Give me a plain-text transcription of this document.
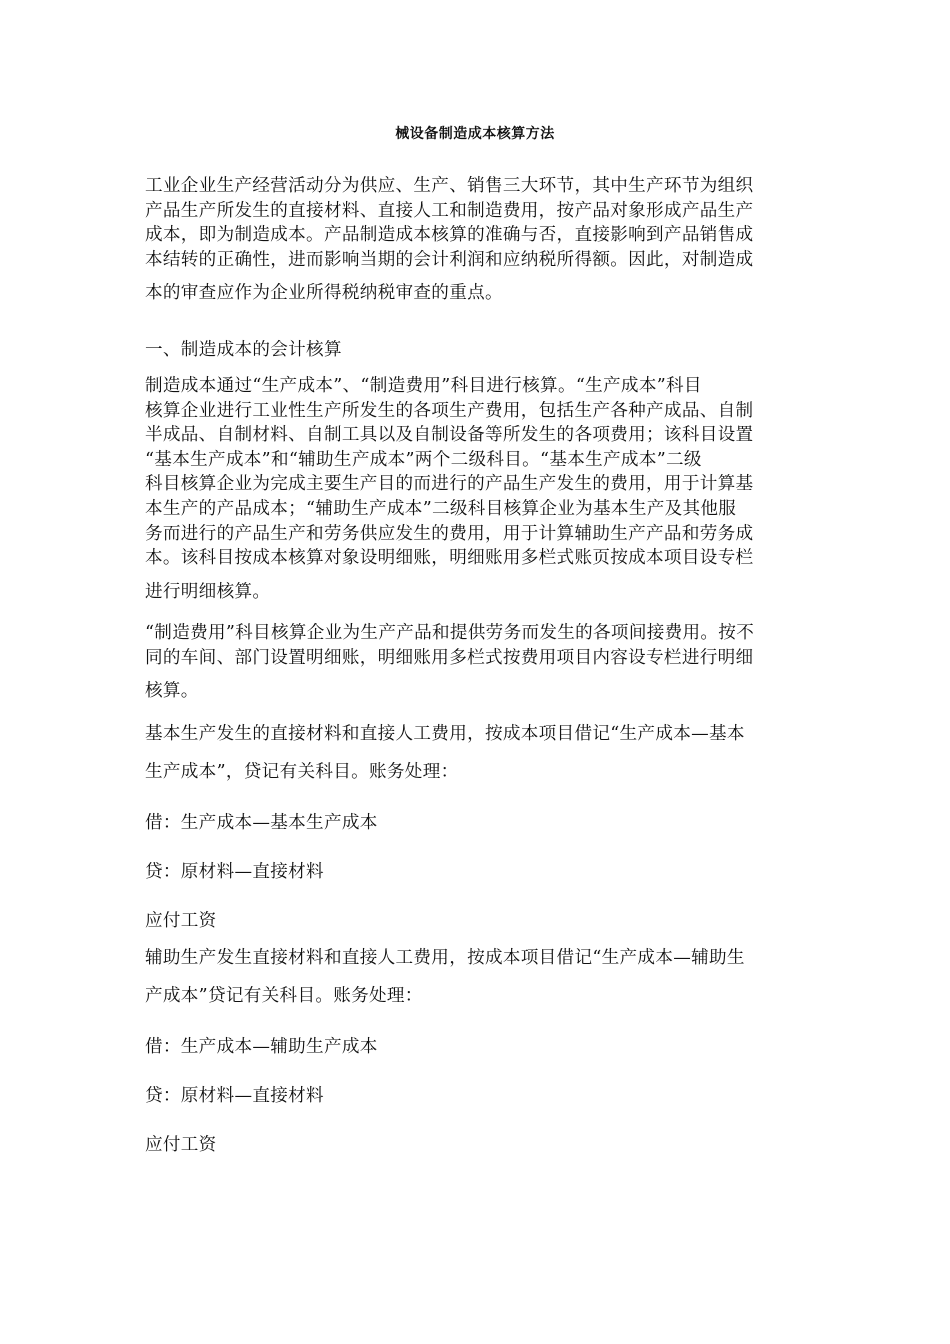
械设备制造成本核算方法
工业企业生产经营活动分为供应、生产、销售三大环节，其中生产环节为组织
产品生产所发生的直接材料、直接人工和制造费用，按产品对象形成产品生产
成本，即为制造成本。产品制造成本核算的准确与否，直接影响到产品销售成
本结转的正确性，进而影响当期的会计利润和应纳税所得额。因此，对制造成
本的审查应作为企业所得税纳税审查的重点。
一、制造成本的会计核算
制造成本通过“生产成本”、“制造费用”科目进行核算。“生产成本”科目
核算企业进行工业性生产所发生的各项生产费用，包括生产各种产成品、自制
半成品、自制材料、自制工具以及自制设备等所发生的各项费用；该科目设置
“基本生产成本”和“辅助生产成本”两个二级科目。“基本生产成本”二级
科目核算企业为完成主要生产目的而进行的产品生产发生的费用，用于计算基
本生产的产品成本；“辅助生产成本”二级科目核算企业为基本生产及其他服
务而进行的产品生产和劳务供应发生的费用，用于计算辅助生产产品和劳务成
本。该科目按成本核算对象设明细账，明细账用多栏式账页按成本项目设专栏
进行明细核算。
“制造费用”科目核算企业为生产产品和提供劳务而发生的各项间接费用。按不
同的车间、部门设置明细账，明细账用多栏式按费用项目内容设专栏进行明细
核算。
基本生产发生的直接材料和直接人工费用，按成本项目借记“生产成本—基本
生产成本”，贷记有关科目。账务处理：
借：生产成本—基本生产成本
贷：原材料—直接材料
应付工资
辅助生产发生直接材料和直接人工费用，按成本项目借记“生产成本—辅助生
产成本”贷记有关科目。账务处理：
借：生产成本—辅助生产成本
贷：原材料—直接材料
应付工资
